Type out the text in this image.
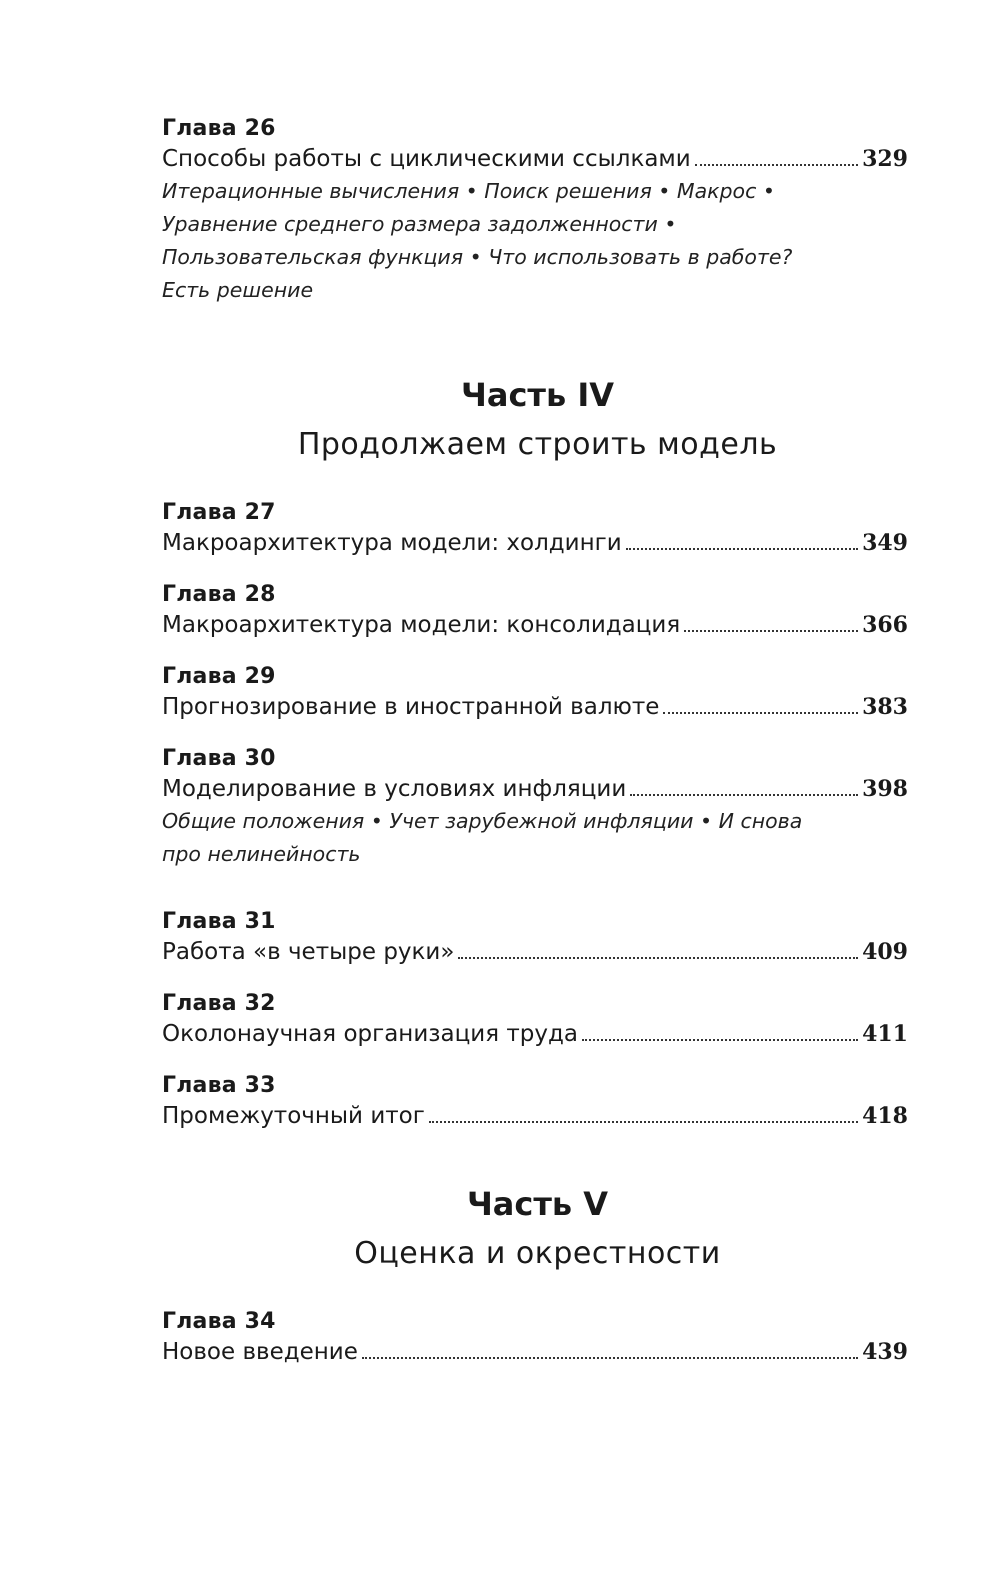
Глава 26
Способы работы с циклическими ссылками	329
Итерационные вычисления • Поиск решения • Макрос •
Уравнение среднего размера задолженности •
Пользовательская функция • Что использовать в работе?
Есть решение
Часть IV
Продолжаем строить модель
Глава 27
Макроархитектура модели: холдинги	349
Глава 28
Макроархитектура модели: консолидация	366
Глава 29
Прогнозирование в иностранной валюте	383
Глава 30
Моделирование в условиях инфляции	398
Общие положения • Учет зарубежной инфляции • И снова
про нелинейность
Глава 31
Работа «в четыре руки»	409
Глава 32
Околонаучная организация труда	411
Глава 33
Промежуточный итог	418
Часть V
Оценка и окрестности
Глава 34
Новое введение	439
